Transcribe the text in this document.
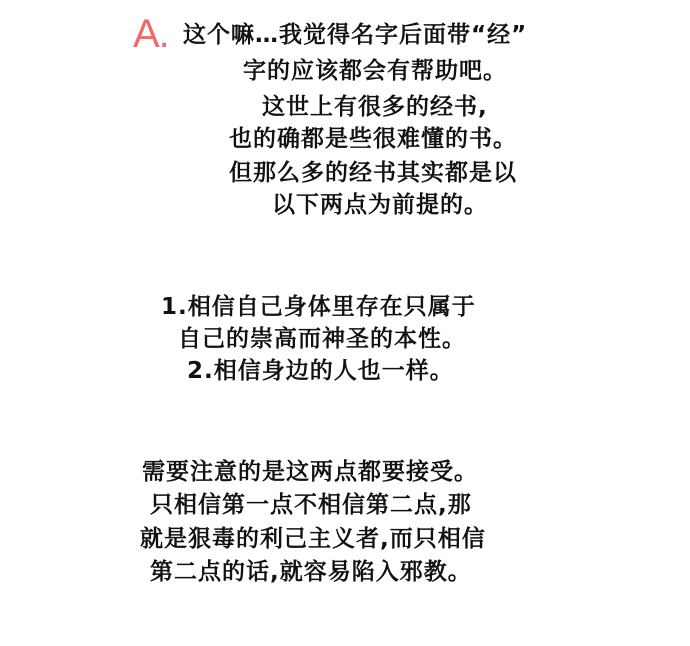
A. 这个嘛…我觉得名字后面带“经”
字的应该都会有帮助吧。
这世上有很多的经书,
也的确都是些很难懂的书。
但那么多的经书其实都是以
以下两点为前提的。
1.相信自己身体里存在只属于
自己的崇高而神圣的本性。
2.相信身边的人也一样。
需要注意的是这两点都要接受。
只相信第一点不相信第二点,那
就是狠毒的利己主义者,而只相信
第二点的话,就容易陷入邪教。
